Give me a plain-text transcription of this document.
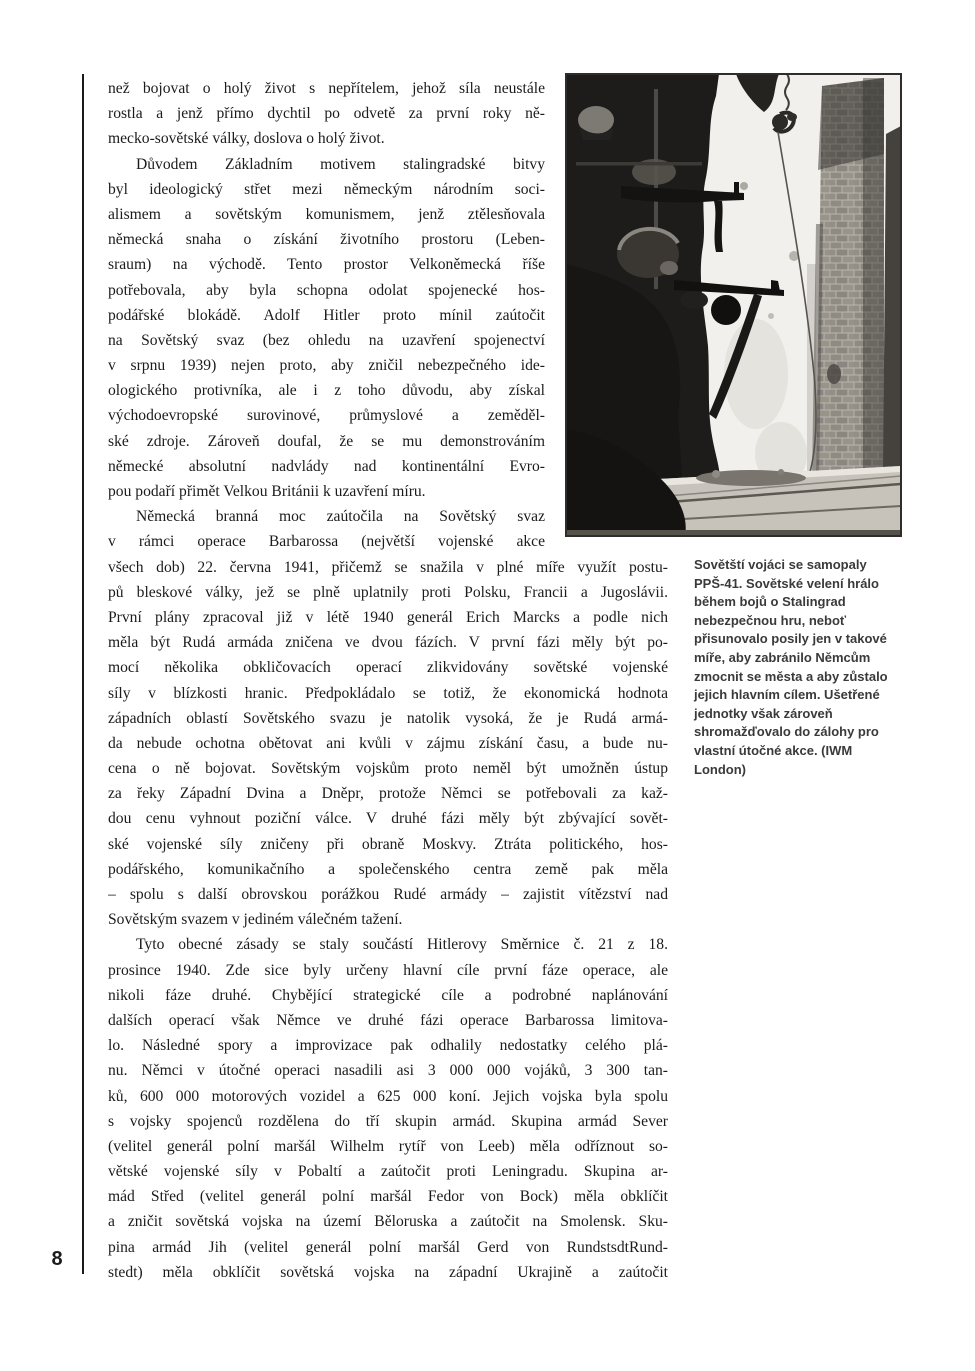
8
než bojovat o holý život s nepřítelem, jehož síla neustále
rostla a jenž přímo dychtil po odvetě za první roky ně-
mecko-sovětské války, doslova o holý život.
Důvodem Základním motivem stalingradské bitvy
byl ideologický střet mezi německým národním soci-
alismem a sovětským komunismem, jenž ztělesňovala
německá snaha o získání životního prostoru (Leben-
sraum) na východě. Tento prostor Velkoněmecká říše
potřebovala, aby byla schopna odolat spojenecké hos-
podářské blokádě. Adolf Hitler proto mínil zaútočit
na Sovětský svaz (bez ohledu na uzavření spojenectví
v srpnu 1939) nejen proto, aby zničil nebezpečného ide-
ologického protivníka, ale i z toho důvodu, aby získal
východoevropské surovinové, průmyslové a zeměděl-
ské zdroje. Zároveň doufal, že se mu demonstrováním
německé absolutní nadvlády nad kontinentální Evro-
pou podaří přimět Velkou Británii k uzavření míru.
Německá branná moc zaútočila na Sovětský svaz
v rámci operace Barbarossa (největší vojenské akce
všech dob) 22. června 1941, přičemž se snažila v plné míře využít postu-
pů bleskové války, jež se plně uplatnily proti Polsku, Francii a Jugoslávii.
První plány zpracoval již v létě 1940 generál Erich Marcks a podle nich
měla být Rudá armáda zničena ve dvou fázích. V první fázi měly být po-
mocí několika obkličovacích operací zlikvidovány sovětské vojenské
síly v blízkosti hranic. Předpokládalo se totiž, že ekonomická hodnota
západních oblastí Sovětského svazu je natolik vysoká, že je Rudá armá-
da nebude ochotna obětovat ani kvůli v zájmu získání času, a bude nu-
cena o ně bojovat. Sovětským vojskům proto neměl být umožněn ústup
za řeky Západní Dvina a Dněpr, protože Němci se potřebovali za kaž-
dou cenu vyhnout poziční válce. V druhé fázi měly být zbývající sovět-
ské vojenské síly zničeny při obraně Moskvy. Ztráta politického, hos-
podářského, komunikačního a společenského centra země pak měla
– spolu s další obrovskou porážkou Rudé armády – zajistit vítězství nad
Sovětským svazem v jediném válečném tažení.
Tyto obecné zásady se staly součástí Hitlerovy Směrnice č. 21 z 18.
prosince 1940. Zde sice byly určeny hlavní cíle první fáze operace, ale
nikoli fáze druhé. Chybějící strategické cíle a podrobné naplánování
dalších operací však Němce ve druhé fázi operace Barbarossa limitova-
lo. Následné spory a improvizace pak odhalily nedostatky celého plá-
nu. Němci v útočné operaci nasadili asi 3 000 000 vojáků, 3 300 tan-
ků, 600 000 motorových vozidel a 625 000 koní. Jejich vojska byla spolu
s vojsky spojenců rozdělena do tří skupin armád. Skupina armád Sever
(velitel generál polní maršál Wilhelm rytíř von Leeb) měla odříznout so-
větské vojenské síly v Pobaltí a zaútočit proti Leningradu. Skupina ar-
mád Střed (velitel generál polní maršál Fedor von Bock) měla obklíčit
a zničit sovětská vojska na území Běloruska a zaútočit na Smolensk. Sku-
pina armád Jih (velitel generál polní maršál Gerd von RundstsdtRund-
stedt) měla obklíčit sovětská vojska na západní Ukrajině a zaútočit
Sovětští vojáci se samopaly PPŠ-41. Sovětské velení hrálo během bojů o Stalingrad nebezpečnou hru, neboť přisunovalo posily jen v takové míře, aby zabránilo Němcům zmocnit se města a aby zůstalo jejich hlavním cílem. Ušetřené jednotky však zároveň shromažďovalo do zálohy pro vlastní útočné akce. (IWM London)
